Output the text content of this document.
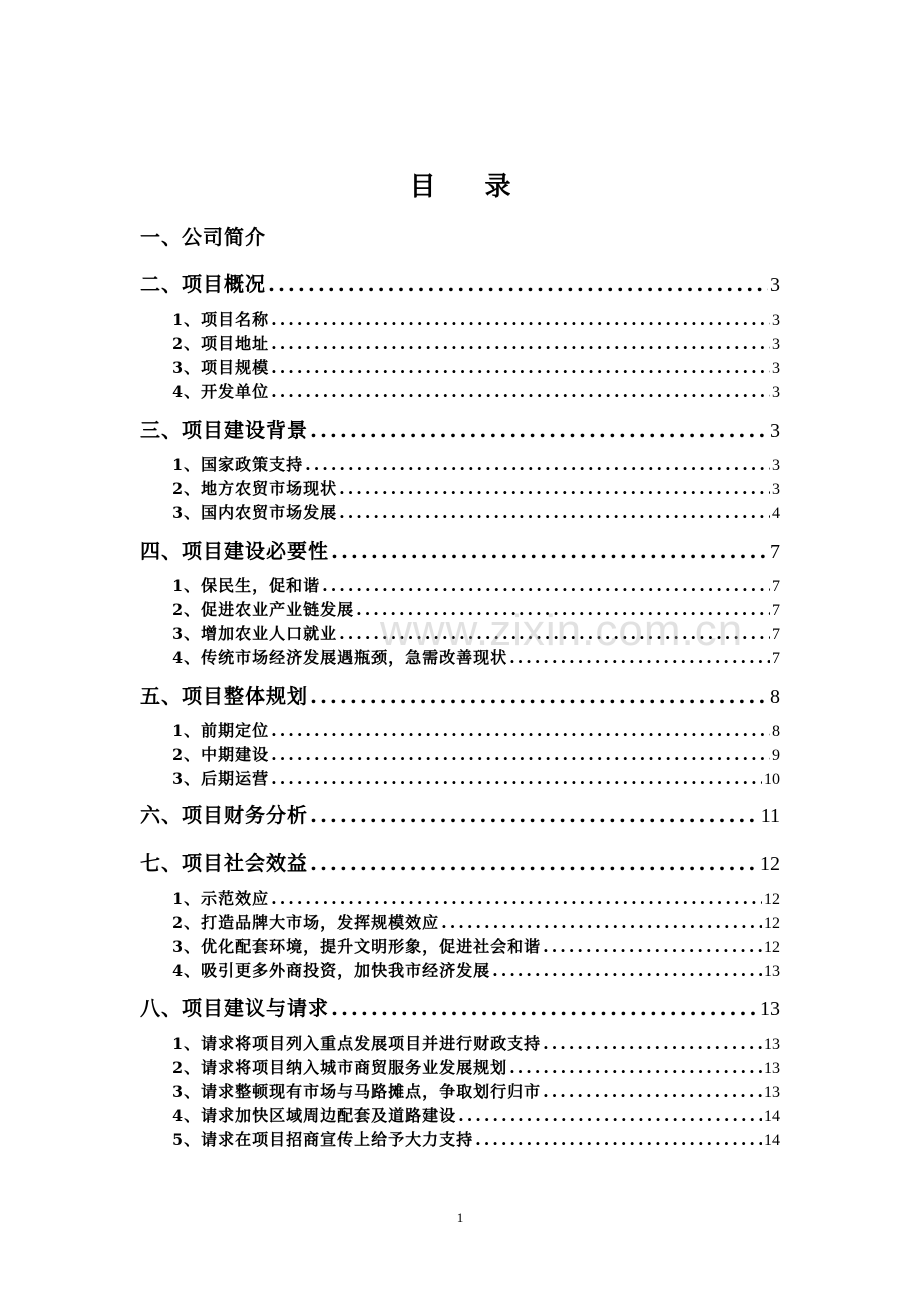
目 录
一、公司简介
二、项目概况 .....	3
1、项目名称 .....	3
2、项目地址 .....	3
3、项目规模 .....	3
4、开发单位 .....	3
三、项目建设背景 .....	3
1、国家政策支持 .....	3
2、地方农贸市场现状 .....	3
3、国内农贸市场发展 .....	4
四、项目建设必要性 .....	7
1、保民生，促和谐 .....	7
2、促进农业产业链发展 .....	7
3、增加农业人口就业 .....	7
4、传统市场经济发展遇瓶颈，急需改善现状 .....	7
五、项目整体规划 .....	8
1、前期定位 .....	8
2、中期建设 .....	9
3、后期运营 .....	10
六、项目财务分析 .....	11
七、项目社会效益 .....	12
1、示范效应 .....	12
2、打造品牌大市场，发挥规模效应 .....	12
3、优化配套环境，提升文明形象，促进社会和谐 .....	12
4、吸引更多外商投资，加快我市经济发展 .....	13
八、项目建议与请求 .....	13
1、请求将项目列入重点发展项目并进行财政支持 .....	13
2、请求将项目纳入城市商贸服务业发展规划 .....	13
3、请求整顿现有市场与马路摊点，争取划行归市 .....	13
4、请求加快区域周边配套及道路建设 .....	14
5、请求在项目招商宣传上给予大力支持 .....	14
www.zixin.com.cn
1
